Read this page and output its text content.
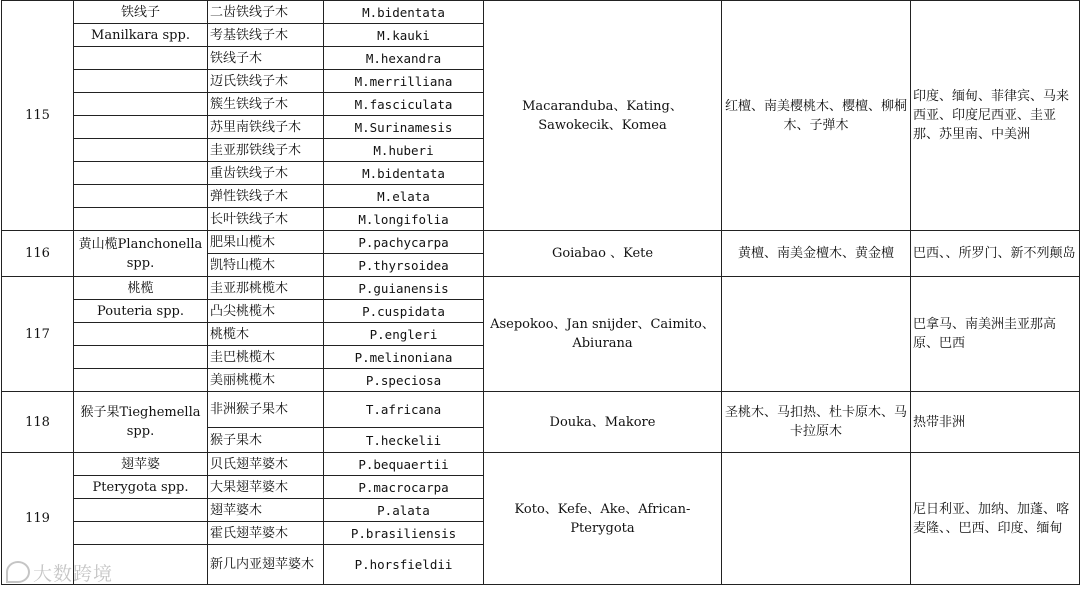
115	铁线子	二齿铁线子木	M.bidentata	Macaranduba、Kating、Sawokecik、Komea	红檀、南美樱桃木、樱檀、柳桐木、子弹木	印度、缅甸、菲律宾、马来西亚、印度尼西亚、圭亚那、苏里南、中美洲
	Manilkara spp.	考基铁线子木	M.kauki			
		铁线子木	M.hexandra			
		迈氏铁线子木	M.merrilliana			
		簇生铁线子木	M.fasciculata			
		苏里南铁线子木	M.Surinamesis			
		圭亚那铁线子木	M.huberi			
		重齿铁线子木	M.bidentata			
		弹性铁线子木	M.elata			
		长叶铁线子木	M.longifolia			
116	黄山榄Planchonella spp.	肥果山榄木	P.pachycarpa	Goiabao 、Kete	黄檀、南美金檀木、黄金檀	巴西、、所罗门、新不列颠岛
		凯特山榄木	P.thyrsoidea			
117	桃榄	圭亚那桃榄木	P.guianensis	Asepokoo、Jan snijder、Caimito、Abiurana		巴拿马、南美洲圭亚那高原、巴西
	Pouteria spp.	凸尖桃榄木	P.cuspidata			
		桃榄木	P.engleri			
		圭巴桃榄木	P.melinoniana			
		美丽桃榄木	P.speciosa			
118	猴子果Tieghemella spp.	非洲猴子果木	T.africana	Douka、Makore	圣桃木、马扣热、杜卡原木、马卡拉原木	热带非洲
		猴子果木	T.heckelii			
119	翅苹婆	贝氏翅苹婆木	P.bequaertii	Koto、Kefe、Ake、African-Pterygota		尼日利亚、加纳、加蓬、喀麦隆、、巴西、印度、缅甸
	Pterygota spp.	大果翅苹婆木	P.macrocarpa			
		翅苹婆木	P.alata			
		霍氏翅苹婆木	P.brasiliensis			
		新几内亚翅苹婆木	P.horsfieldii			
大数跨境
